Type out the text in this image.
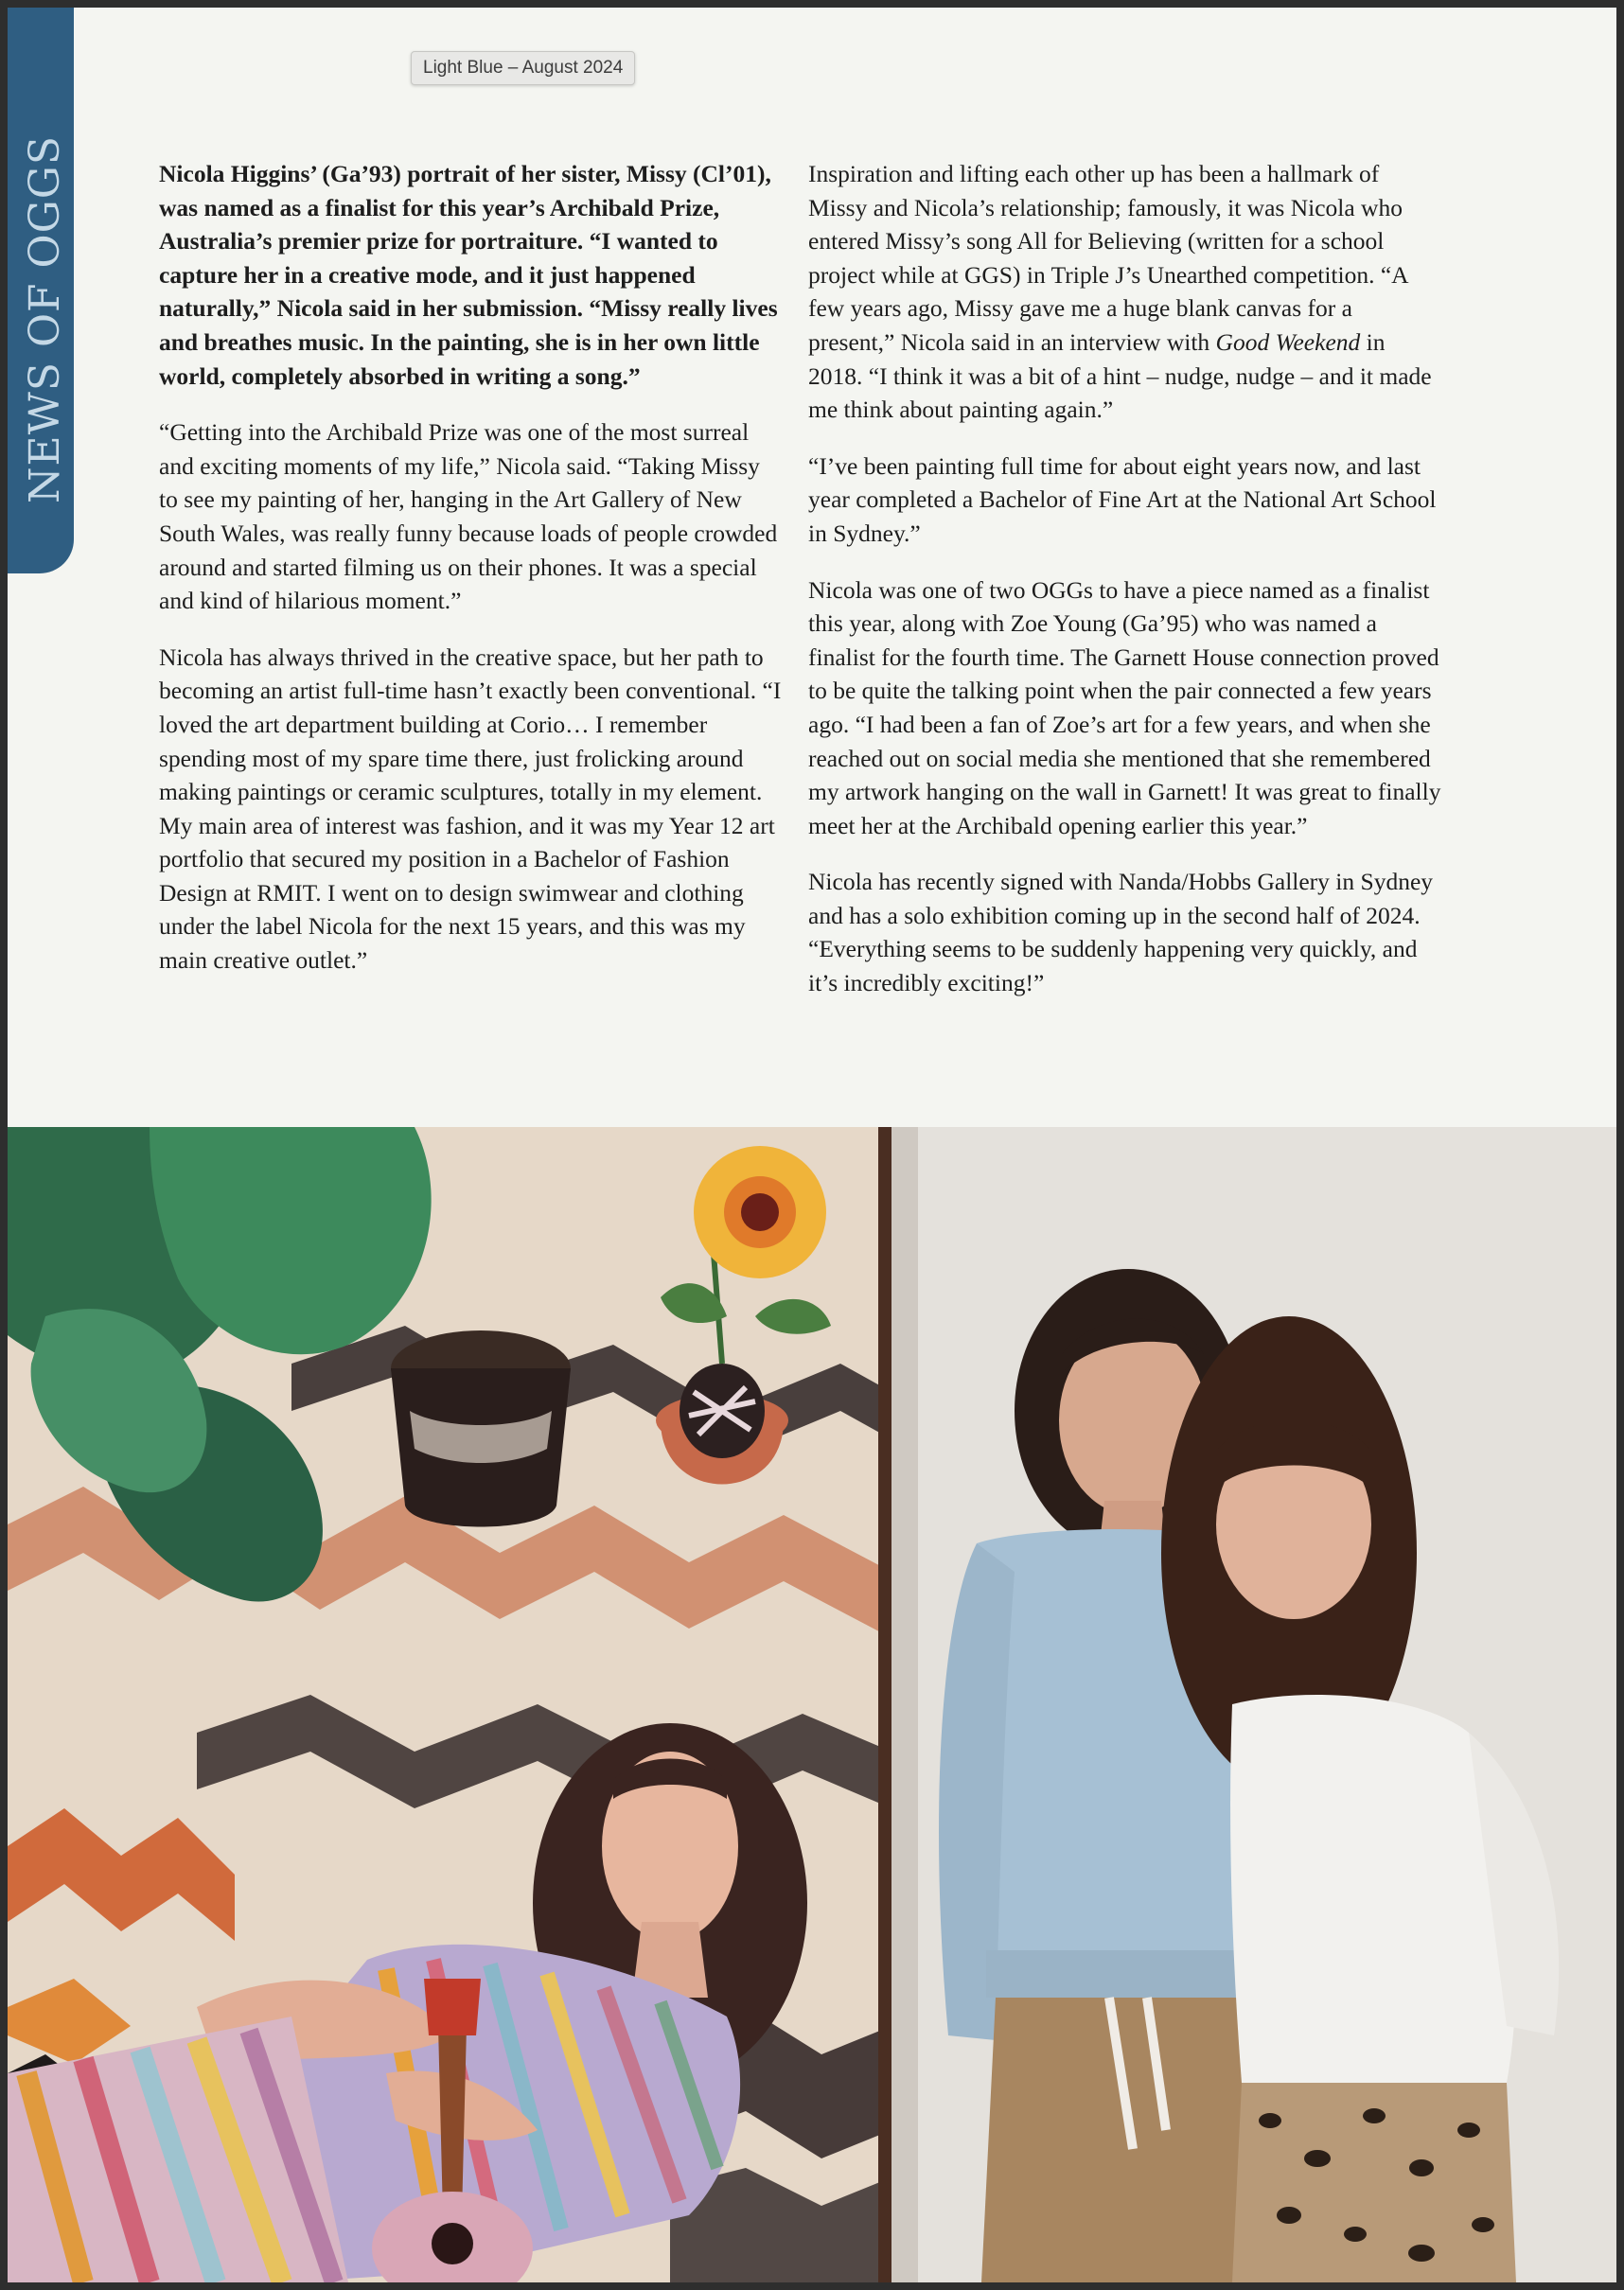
NEWS OF OGGS
Light Blue – August 2024

Nicola Higgins’ (Ga’93) portrait of her sister, Missy (Cl’01), was named as a finalist for this year’s Archibald Prize, Australia’s premier prize for portraiture. “I wanted to capture her in a creative mode, and it just happened naturally,” Nicola said in her submission. “Missy really lives and breathes music. In the painting, she is in her own little world, completely absorbed in writing a song.”

“Getting into the Archibald Prize was one of the most surreal and exciting moments of my life,” Nicola said. “Taking Missy to see my painting of her, hanging in the Art Gallery of New South Wales, was really funny because loads of people crowded around and started filming us on their phones. It was a special and kind of hilarious moment.”

Nicola has always thrived in the creative space, but her path to becoming an artist full-time hasn’t exactly been conventional. “I loved the art department building at Corio… I remember spending most of my spare time there, just frolicking around making paintings or ceramic sculptures, totally in my element. My main area of interest was fashion, and it was my Year 12 art portfolio that secured my position in a Bachelor of Fashion Design at RMIT. I went on to design swimwear and clothing under the label Nicola for the next 15 years, and this was my main creative outlet.”

Inspiration and lifting each other up has been a hallmark of Missy and Nicola’s relationship; famously, it was Nicola who entered Missy’s song All for Believing (written for a school project while at GGS) in Triple J’s Unearthed competition. “A few years ago, Missy gave me a huge blank canvas for a present,” Nicola said in an interview with Good Weekend in 2018. “I think it was a bit of a hint – nudge, nudge – and it made me think about painting again.”

“I’ve been painting full time for about eight years now, and last year completed a Bachelor of Fine Art at the National Art School in Sydney.”

Nicola was one of two OGGs to have a piece named as a finalist this year, along with Zoe Young (Ga’95) who was named a finalist for the fourth time. The Garnett House connection proved to be quite the talking point when the pair connected a few years ago. “I had been a fan of Zoe’s art for a few years, and when she reached out on social media she mentioned that she remembered my artwork hanging on the wall in Garnett! It was great to finally meet her at the Archibald opening earlier this year.”

Nicola has recently signed with Nanda/Hobbs Gallery in Sydney and has a solo exhibition coming up in the second half of 2024. “Everything seems to be suddenly happening very quickly, and it’s incredibly exciting!”
